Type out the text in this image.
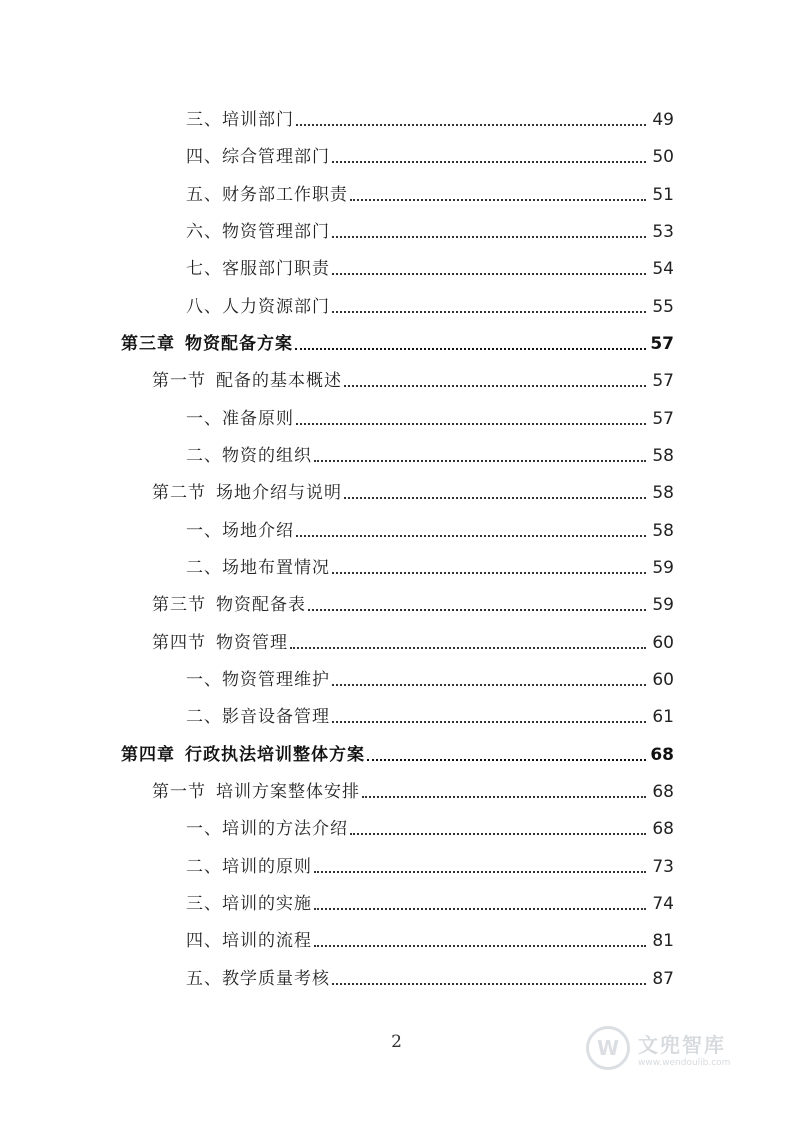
三、培训部门	49
四、综合管理部门	50
五、财务部工作职责	51
六、物资管理部门	53
七、客服部门职责	54
八、人力资源部门	55
第三章 物资配备方案	57
第一节 配备的基本概述	57
一、准备原则	57
二、物资的组织	58
第二节 场地介绍与说明	58
一、场地介绍	58
二、场地布置情况	59
第三节 物资配备表	59
第四节 物资管理	60
一、物资管理维护	60
二、影音设备管理	61
第四章 行政执法培训整体方案	68
第一节 培训方案整体安排	68
一、培训的方法介绍	68
二、培训的原则	73
三、培训的实施	74
四、培训的流程	81
五、教学质量考核	87
2	W 文兜智库
www.wendoulib.com
